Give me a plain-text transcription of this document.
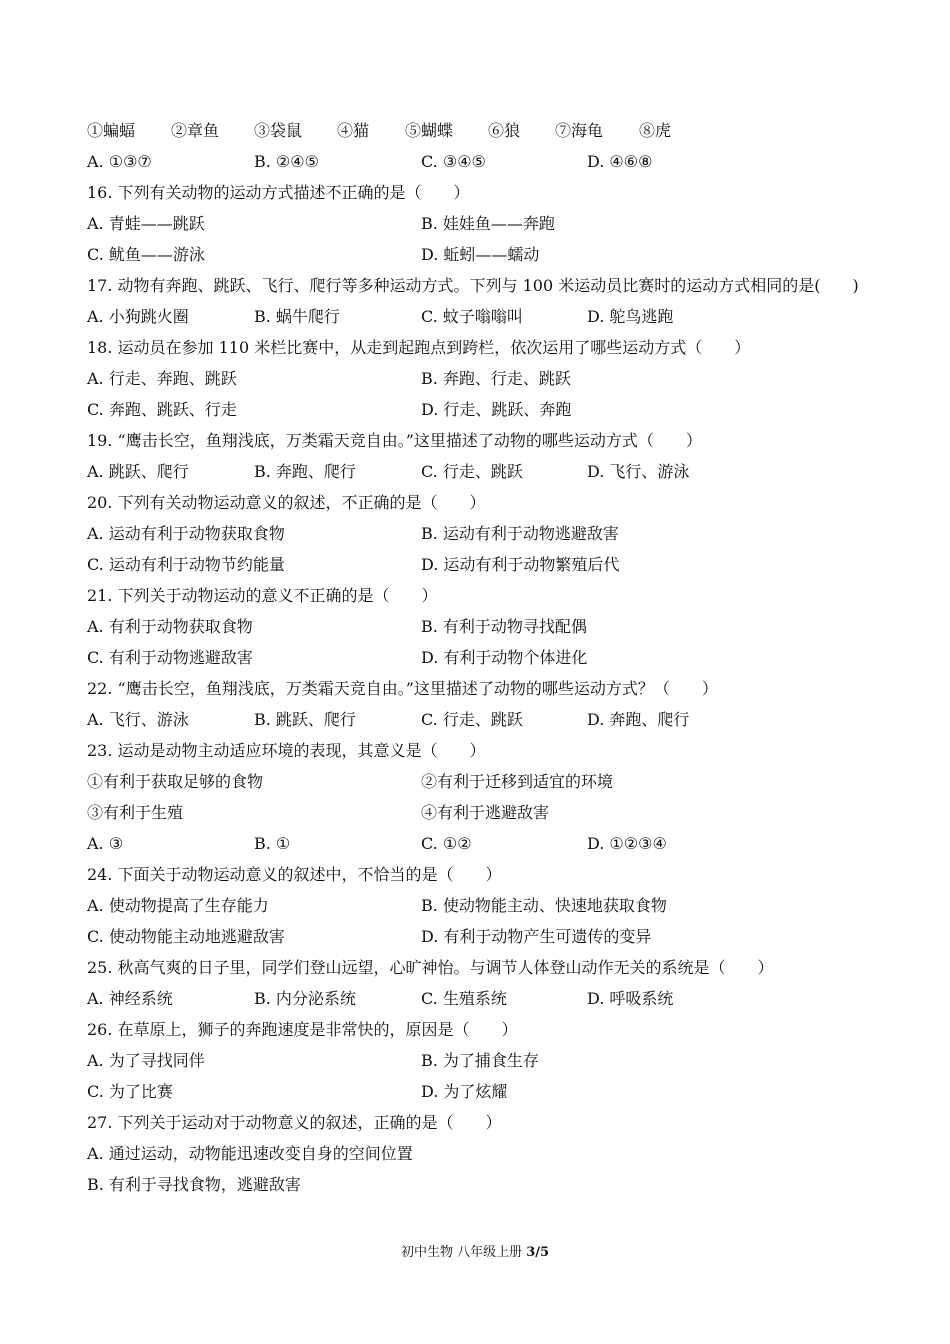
①蝙蝠 ②章鱼 ③袋鼠 ④猫 ⑤蝴蝶 ⑥狼 ⑦海龟 ⑧虎
A. ①③⑦	B. ②④⑤	C. ③④⑤	D. ④⑥⑧
16. 下列有关动物的运动方式描述不正确的是（　　）
A. 青蛙——跳跃	B. 娃娃鱼——奔跑
C. 鱿鱼——游泳	D. 蚯蚓——蠕动
17. 动物有奔跑、跳跃、飞行、爬行等多种运动方式。下列与 100 米运动员比赛时的运动方式相同的是(　　)
A. 小狗跳火圈	B. 蜗牛爬行	C. 蚊子嗡嗡叫	D. 鸵鸟逃跑
18. 运动员在参加 110 米栏比赛中，从走到起跑点到跨栏，依次运用了哪些运动方式（　　）
A. 行走、奔跑、跳跃	B. 奔跑、行走、跳跃
C. 奔跑、跳跃、行走	D. 行走、跳跃、奔跑
19. “鹰击长空，鱼翔浅底，万类霜天竞自由。”这里描述了动物的哪些运动方式（　　）
A. 跳跃、爬行	B. 奔跑、爬行	C. 行走、跳跃	D. 飞行、游泳
20. 下列有关动物运动意义的叙述，不正确的是（　　）
A. 运动有利于动物获取食物	B. 运动有利于动物逃避敌害
C. 运动有利于动物节约能量	D. 运动有利于动物繁殖后代
21. 下列关于动物运动的意义不正确的是（　　）
A. 有利于动物获取食物	B. 有利于动物寻找配偶
C. 有利于动物逃避敌害	D. 有利于动物个体进化
22. “鹰击长空，鱼翔浅底，万类霜天竞自由。”这里描述了动物的哪些运动方式？（　　）
A. 飞行、游泳	B. 跳跃、爬行	C. 行走、跳跃	D. 奔跑、爬行
23. 运动是动物主动适应环境的表现，其意义是（　　）
①有利于获取足够的食物	②有利于迁移到适宜的环境
③有利于生殖	④有利于逃避敌害
A. ③	B. ①	C. ①②	D. ①②③④
24. 下面关于动物运动意义的叙述中，不恰当的是（　　）
A. 使动物提高了生存能力	B. 使动物能主动、快速地获取食物
C. 使动物能主动地逃避敌害	D. 有利于动物产生可遗传的变异
25. 秋高气爽的日子里，同学们登山远望，心旷神怡。与调节人体登山动作无关的系统是（　　）
A. 神经系统	B. 内分泌系统	C. 生殖系统	D. 呼吸系统
26. 在草原上，狮子的奔跑速度是非常快的，原因是（　　）
A. 为了寻找同伴	B. 为了捕食生存
C. 为了比赛	D. 为了炫耀
27. 下列关于运动对于动物意义的叙述，正确的是（　　）
A. 通过运动，动物能迅速改变自身的空间位置
B. 有利于寻找食物，逃避敌害
初中生物 八年级上册 3/5
